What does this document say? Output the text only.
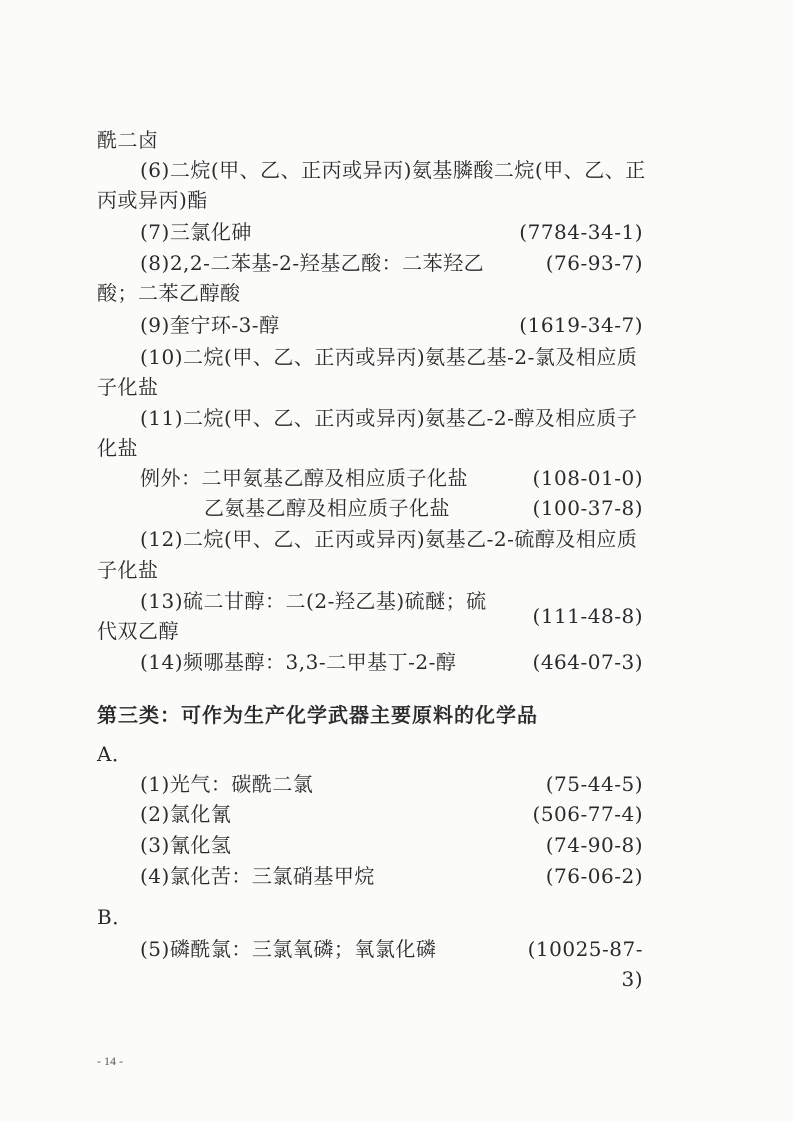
酰二卤
(6)二烷(甲、乙、正丙或异丙)氨基膦酸二烷(甲、乙、正
丙或异丙)酯
(7)三氯化砷	(7784-34-1)
(8)2,2-二苯基-2-羟基乙酸：二苯羟乙	(76-93-7)
酸；二苯乙醇酸
(9)奎宁环-3-醇	(1619-34-7)
(10)二烷(甲、乙、正丙或异丙)氨基乙基-2-氯及相应质
子化盐
(11)二烷(甲、乙、正丙或异丙)氨基乙-2-醇及相应质子
化盐
例外：二甲氨基乙醇及相应质子化盐	(108-01-0)
乙氨基乙醇及相应质子化盐	(100-37-8)
(12)二烷(甲、乙、正丙或异丙)氨基乙-2-硫醇及相应质
子化盐
(13)硫二甘醇：二(2-羟乙基)硫醚；硫
代双乙醇
(111-48-8)
(14)频哪基醇：3,3-二甲基丁-2-醇	(464-07-3)
第三类：可作为生产化学武器主要原料的化学品
A．
(1)光气：碳酰二氯	(75-44-5)
(2)氯化氰	(506-77-4)
(3)氰化氢	(74-90-8)
(4)氯化苦：三氯硝基甲烷	(76-06-2)
B．
(5)磷酰氯：三氯氧磷；氧氯化磷	(10025-87-
3)
- 14 -
